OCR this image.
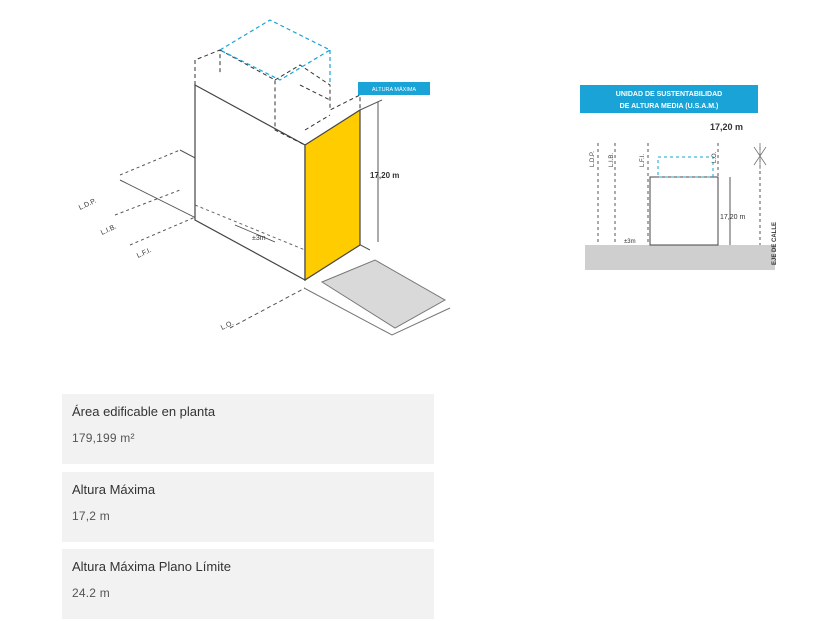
17,20 m
ALTURA MÁXIMA
±3m
L.D.P.
L.I.B.
L.F.I.
L.O.
UNIDAD DE SUSTENTABILIDAD
DE ALTURA MEDIA (U.S.A.M.)
17,20 m
17,20 m
±3m
L.D.P. L.I.B.	L.F.I.	L.O.
EJE DE CALLE
Área edificable en planta
179,199 m²
Altura Máxima
17,2 m
Altura Máxima Plano Límite
24.2 m
